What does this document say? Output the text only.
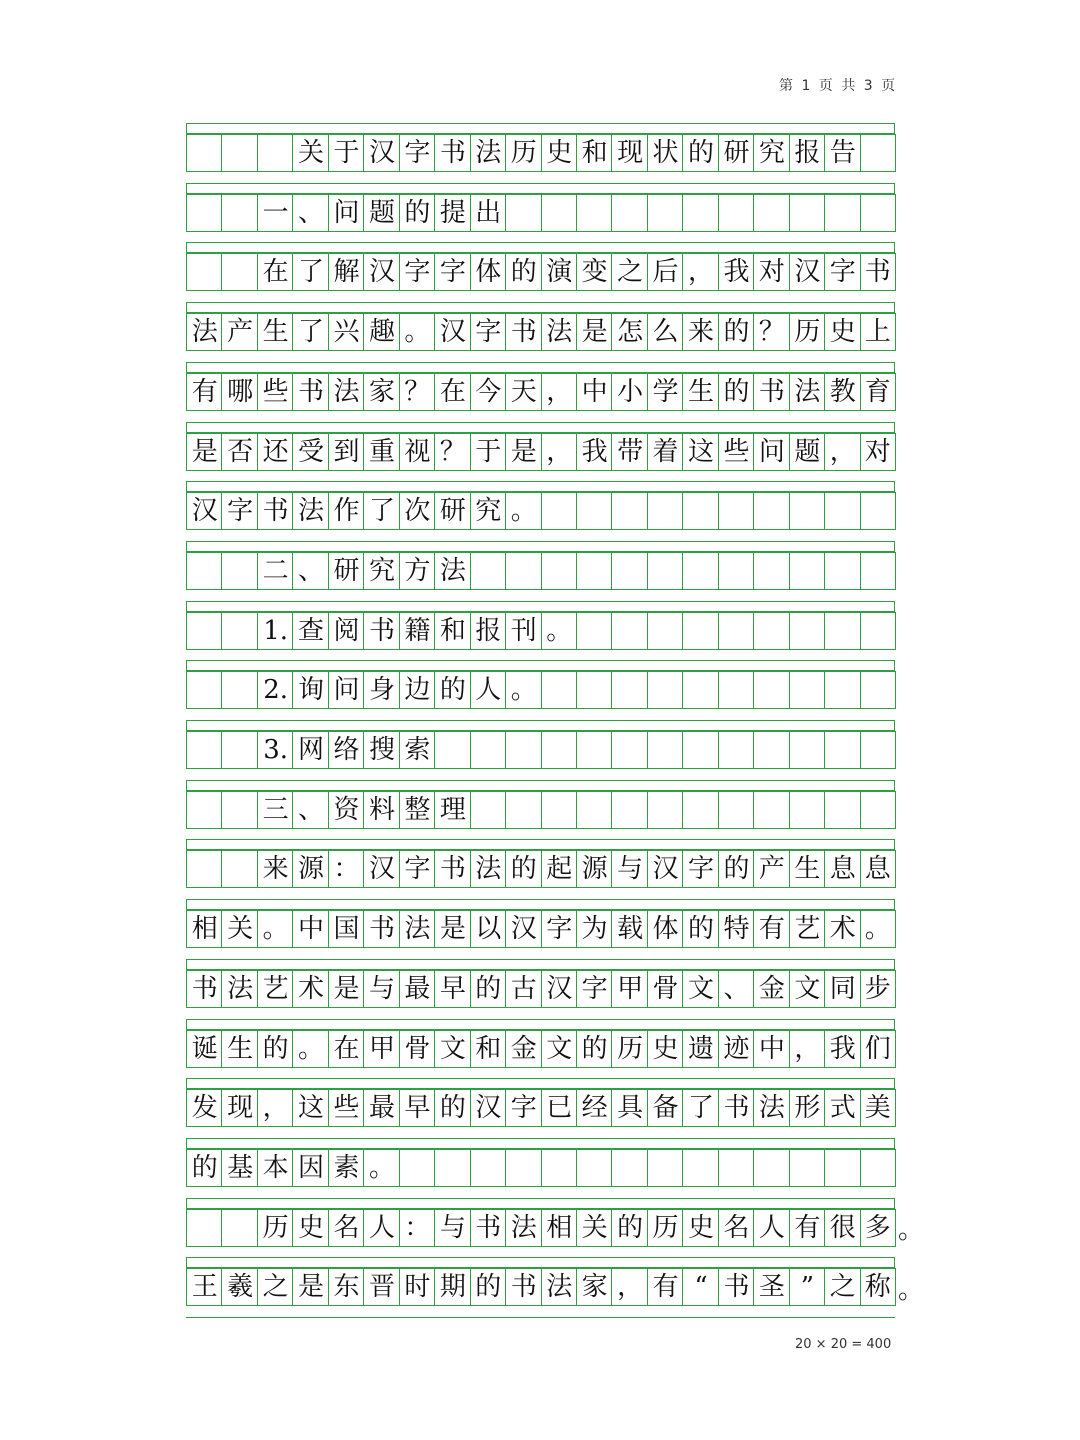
第 1 页 共 3 页
关 于 汉 字 书 法 历 史 和 现 状 的 研 究 报 告
一 、 问 题 的 提 出
在 了 解 汉 字 字 体 的 演 变 之 后 ， 我 对 汉 字 书
法 产 生 了 兴 趣 。 汉 字 书 法 是 怎 么 来 的 ？ 历 史 上
有 哪 些 书 法 家 ？ 在 今 天 ， 中 小 学 生 的 书 法 教 育
是 否 还 受 到 重 视 ？ 于 是 ， 我 带 着 这 些 问 题 ， 对
汉 字 书 法 作 了 次 研 究 。
二 、 研 究 方 法
1. 查 阅 书 籍 和 报 刊 。
2. 询 问 身 边 的 人 。
3. 网 络 搜 索
三 、 资 料 整 理
来 源 ： 汉 字 书 法 的 起 源 与 汉 字 的 产 生 息 息
相 关 。 中 国 书 法 是 以 汉 字 为 载 体 的 特 有 艺 术 。
书 法 艺 术 是 与 最 早 的 古 汉 字 甲 骨 文 、 金 文 同 步
诞 生 的 。 在 甲 骨 文 和 金 文 的 历 史 遗 迹 中 ， 我 们
发 现 ， 这 些 最 早 的 汉 字 已 经 具 备 了 书 法 形 式 美
的 基 本 因 素 。
历 史 名 人 ： 与 书 法 相 关 的 历 史 名 人 有 很 多 。
王 羲 之 是 东 晋 时 期 的 书 法 家 ， 有 “ 书 圣 ” 之 称 。
20 × 20 = 400
